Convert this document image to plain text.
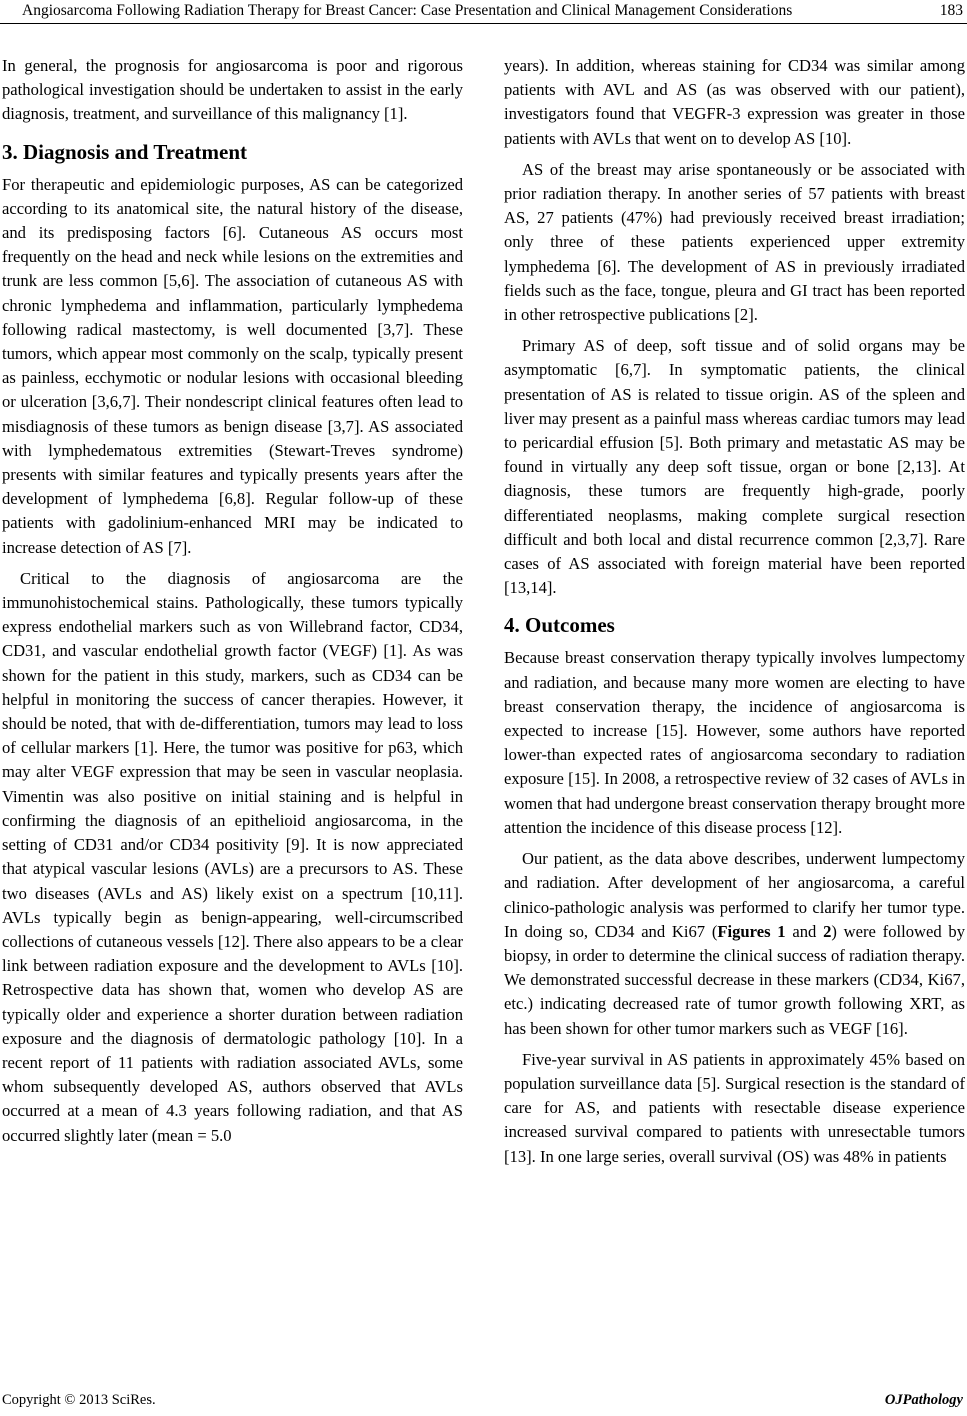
Angiosarcoma Following Radiation Therapy for Breast Cancer: Case Presentation and Clinical Management Considerations	183

In general, the prognosis for angiosarcoma is poor and rigorous pathological investigation should be undertaken to assist in the early diagnosis, treatment, and surveillance of this malignancy [1].

3. Diagnosis and Treatment

For therapeutic and epidemiologic purposes, AS can be categorized according to its anatomical site, the natural history of the disease, and its predisposing factors [6]. Cutaneous AS occurs most frequently on the head and neck while lesions on the extremities and trunk are less common [5,6]. The association of cutaneous AS with chronic lymphedema and inflammation, particularly lymphedema following radical mastectomy, is well documented [3,7]. These tumors, which appear most commonly on the scalp, typically present as painless, ecchymotic or nodular lesions with occasional bleeding or ulceration [3,6,7]. Their nondescript clinical features often lead to misdiagnosis of these tumors as benign disease [3,7]. AS associated with lymphedematous extremities (Stewart-Treves syndrome) presents with similar features and typically presents years after the development of lymphedema [6,8]. Regular follow-up of these patients with gadolinium-enhanced MRI may be indicated to increase detection of AS [7].

Critical to the diagnosis of angiosarcoma are the immunohistochemical stains. Pathologically, these tumors typically express endothelial markers such as von Willebrand factor, CD34, CD31, and vascular endothelial growth factor (VEGF) [1]. As was shown for the patient in this study, markers, such as CD34 can be helpful in monitoring the success of cancer therapies. However, it should be noted, that with de-differentiation, tumors may lead to loss of cellular markers [1]. Here, the tumor was positive for p63, which may alter VEGF expression that may be seen in vascular neoplasia. Vimentin was also positive on initial staining and is helpful in confirming the diagnosis of an epithelioid angiosarcoma, in the setting of CD31 and/or CD34 positivity [9]. It is now appreciated that atypical vascular lesions (AVLs) are a precursors to AS. These two diseases (AVLs and AS) likely exist on a spectrum [10,11]. AVLs typically begin as benign-appearing, well-circumscribed collections of cutaneous vessels [12]. There also appears to be a clear link between radiation exposure and the development to AVLs [10]. Retrospective data has shown that, women who develop AS are typically older and experience a shorter duration between radiation exposure and the diagnosis of dermatologic pathology [10]. In a recent report of 11 patients with radiation associated AVLs, some whom subsequently developed AS, authors observed that AVLs occurred at a mean of 4.3 years following radiation, and that AS occurred slightly later (mean = 5.0

years). In addition, whereas staining for CD34 was similar among patients with AVL and AS (as was observed with our patient), investigators found that VEGFR-3 expression was greater in those patients with AVLs that went on to develop AS [10].

AS of the breast may arise spontaneously or be associated with prior radiation therapy. In another series of 57 patients with breast AS, 27 patients (47%) had previously received breast irradiation; only three of these patients experienced upper extremity lymphedema [6]. The development of AS in previously irradiated fields such as the face, tongue, pleura and GI tract has been reported in other retrospective publications [2].

Primary AS of deep, soft tissue and of solid organs may be asymptomatic [6,7]. In symptomatic patients, the clinical presentation of AS is related to tissue origin. AS of the spleen and liver may present as a painful mass whereas cardiac tumors may lead to pericardial effusion [5]. Both primary and metastatic AS may be found in virtually any deep soft tissue, organ or bone [2,13]. At diagnosis, these tumors are frequently high-grade, poorly differentiated neoplasms, making complete surgical resection difficult and both local and distal recurrence common [2,3,7]. Rare cases of AS associated with foreign material have been reported [13,14].

4. Outcomes

Because breast conservation therapy typically involves lumpectomy and radiation, and because many more women are electing to have breast conservation therapy, the incidence of angiosarcoma is expected to increase [15]. However, some authors have reported lower-than expected rates of angiosarcoma secondary to radiation exposure [15]. In 2008, a retrospective review of 32 cases of AVLs in women that had undergone breast conservation therapy brought more attention the incidence of this disease process [12].

Our patient, as the data above describes, underwent lumpectomy and radiation. After development of her angiosarcoma, a careful clinico-pathologic analysis was performed to clarify her tumor type. In doing so, CD34 and Ki67 (Figures 1 and 2) were followed by biopsy, in order to determine the clinical success of radiation therapy. We demonstrated successful decrease in these markers (CD34, Ki67, etc.) indicating decreased rate of tumor growth following XRT, as has been shown for other tumor markers such as VEGF [16].

Five-year survival in AS patients in approximately 45% based on population surveillance data [5]. Surgical resection is the standard of care for AS, and patients with resectable disease experience increased survival compared to patients with unresectable tumors [13]. In one large series, overall survival (OS) was 48% in patients

Copyright © 2013 SciRes.	OJPathology
